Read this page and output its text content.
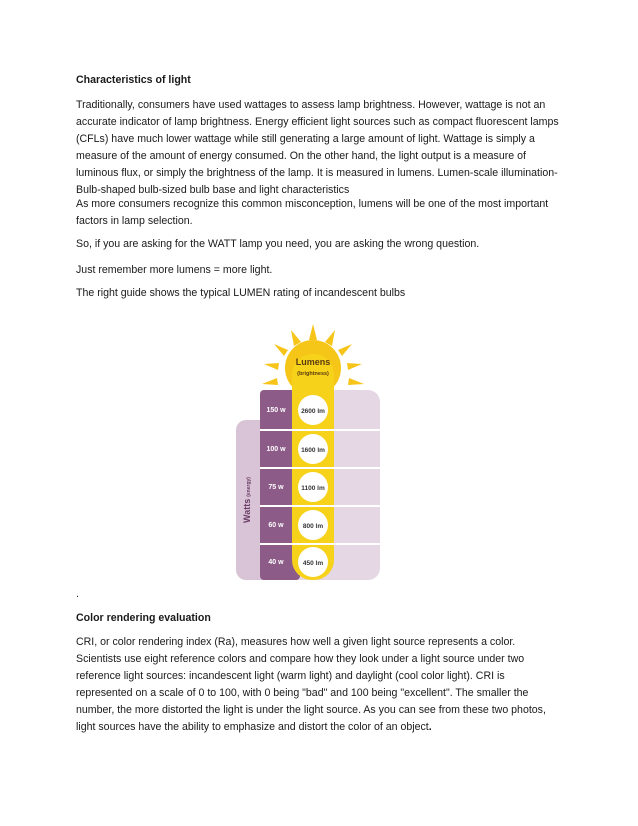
Characteristics of light

Traditionally, consumers have used wattages to assess lamp brightness. However, wattage is not an accurate indicator of lamp brightness. Energy efficient light sources such as compact fluorescent lamps (CFLs) have much lower wattage while still generating a large amount of light. Wattage is simply a measure of the amount of energy consumed. On the other hand, the light output is a measure of luminous flux, or simply the brightness of the lamp. It is measured in lumens. Lumen-scale illumination-Bulb-shaped bulb-sized bulb base and light characteristics

As more consumers recognize this common misconception, lumens will be one of the most important factors in lamp selection.

So, if you are asking for the WATT lamp you need, you are asking the wrong question.

Just remember more lumens = more light.

The right guide shows the typical LUMEN rating of incandescent bulbs

Lumens
(brightness)
Watts(energy)
150 w 2600 lm
100 w 1600 lm
75 w	1100 lm
60 w	800 lm
40 w	450 lm
.
Color rendering evaluation

CRI, or color rendering index (Ra), measures how well a given light source represents a color. Scientists use eight reference colors and compare how they look under a light source under two reference light sources: incandescent light (warm light) and daylight (cool color light). CRI is represented on a scale of 0 to 100, with 0 being "bad" and 100 being "excellent". The smaller the number, the more distorted the light is under the light source. As you can see from these two photos, light sources have the ability to emphasize and distort the color of an object.
